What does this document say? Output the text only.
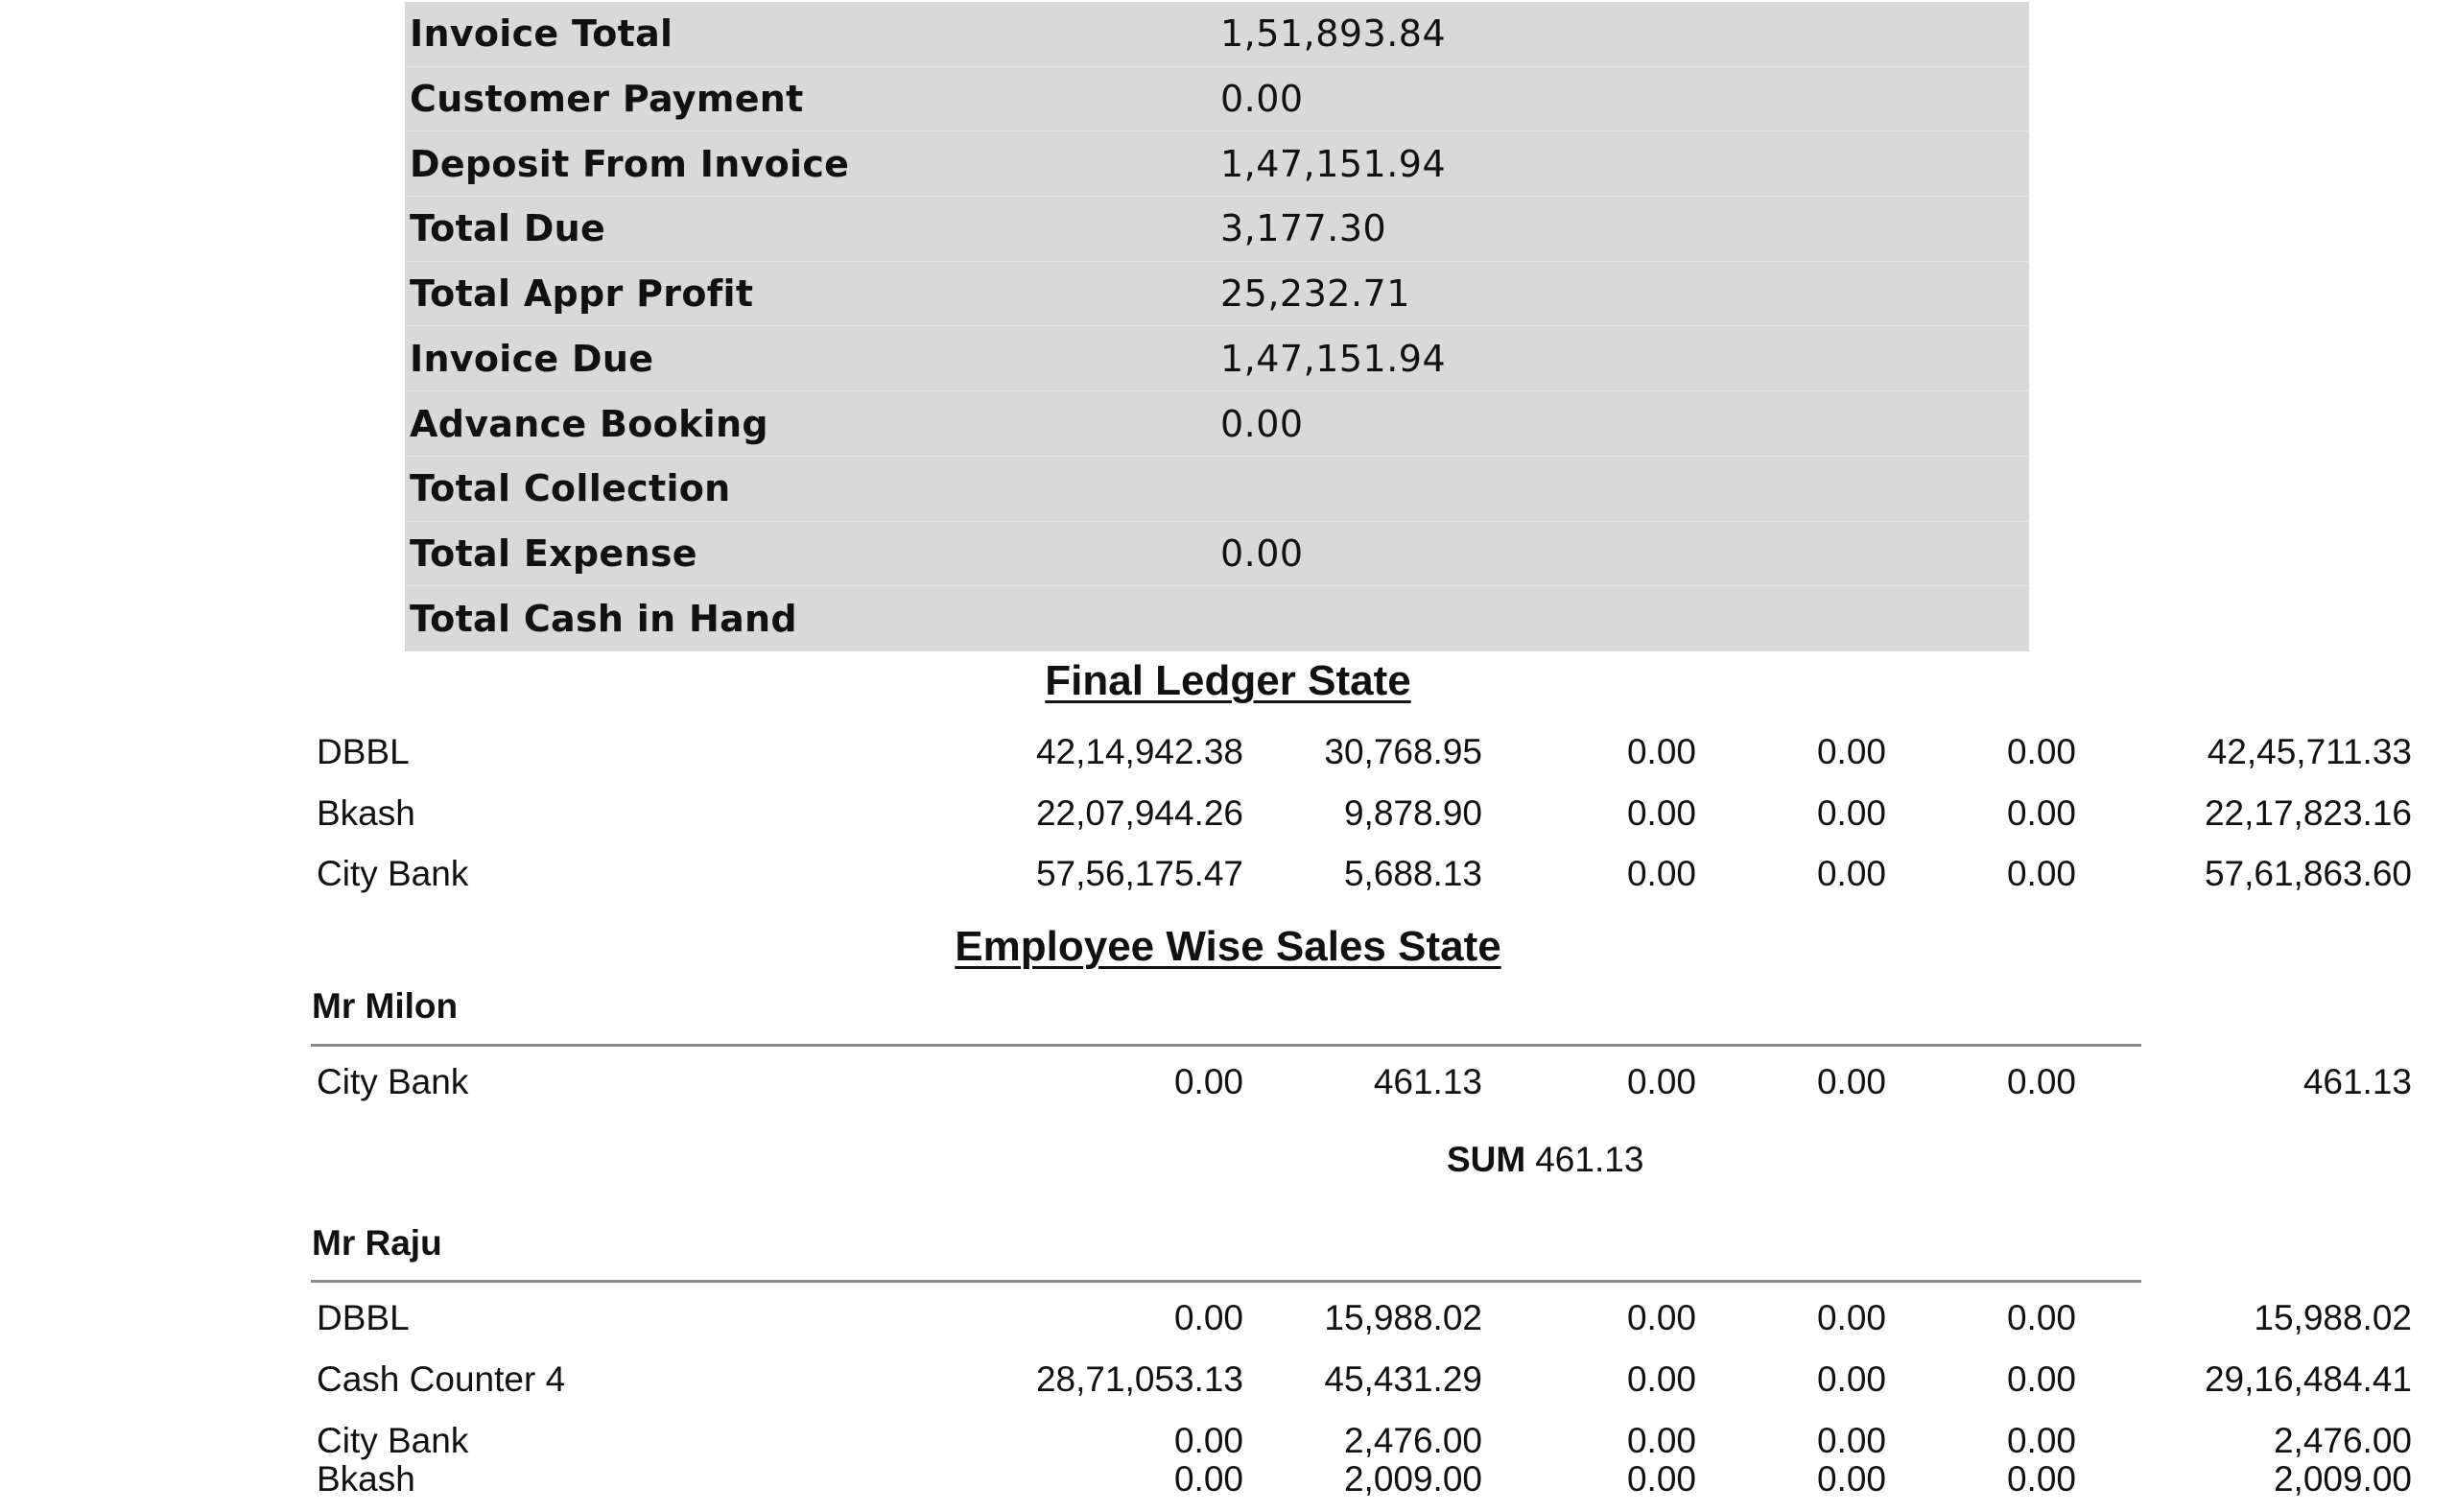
Invoice Total	1,51,893.84
Customer Payment	0.00
Deposit From Invoice	1,47,151.94
Total Due	3,177.30
Total Appr Profit	25,232.71
Invoice Due	1,47,151.94
Advance Booking	0.00
Total Collection
Total Expense	0.00
Total Cash in Hand
Final Ledger State
DBBL	42,14,942.38 30,768.95	0.00	0.00	0.00	42,45,711.33
Bkash	22,07,944.26	9,878.90	0.00	0.00	0.00	22,17,823.16
City Bank	57,56,175.47	5,688.13	0.00	0.00	0.00	57,61,863.60
Employee Wise Sales State
Mr Milon
City Bank	0.00	461.13	0.00	0.00	0.00	461.13
SUM 461.13
Mr Raju
DBBL	0.00 15,988.02	0.00	0.00	0.00	15,988.02
Cash Counter 4	28,71,053.13 45,431.29	0.00	0.00	0.00	29,16,484.41
City Bank	0.00	2,476.00	0.00	0.00	0.00	2,476.00
Bkash	0.00	2,009.00	0.00	0.00	0.00	2,009.00
